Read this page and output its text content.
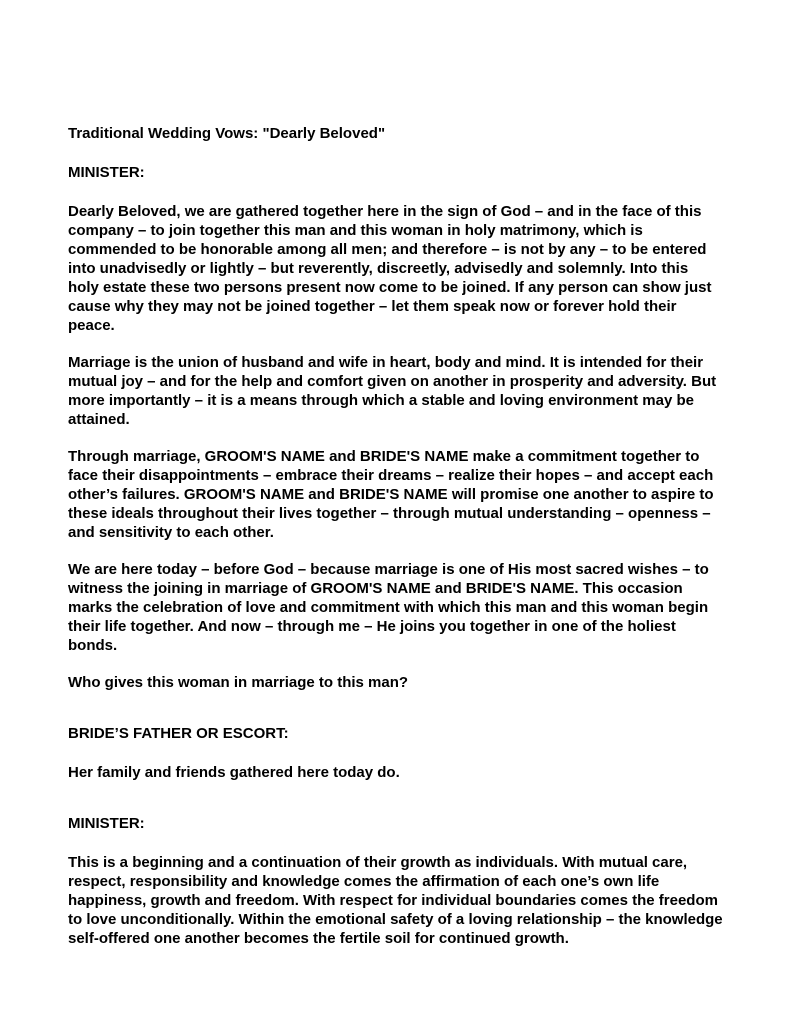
Traditional Wedding Vows: "Dearly Beloved"

MINISTER:

Dearly Beloved, we are gathered together here in the sign of God – and in the face of this company – to join together this man and this woman in holy matrimony, which is commended to be honorable among all men; and therefore – is not by any – to be entered into unadvisedly or lightly – but reverently, discreetly, advisedly and solemnly. Into this holy estate these two persons present now come to be joined. If any person can show just cause why they may not be joined together – let them speak now or forever hold their peace.

Marriage is the union of husband and wife in heart, body and mind. It is intended for their mutual joy – and for the help and comfort given on another in prosperity and adversity. But more importantly – it is a means through which a stable and loving environment may be attained.

Through marriage, GROOM'S NAME and BRIDE'S NAME make a commitment together to face their disappointments – embrace their dreams – realize their hopes – and accept each other’s failures. GROOM'S NAME and BRIDE'S NAME will promise one another to aspire to these ideals throughout their lives together – through mutual understanding – openness – and sensitivity to each other.

We are here today – before God – because marriage is one of His most sacred wishes – to witness the joining in marriage of GROOM'S NAME and BRIDE'S NAME. This occasion marks the celebration of love and commitment with which this man and this woman begin their life together. And now – through me – He joins you together in one of the holiest bonds.

Who gives this woman in marriage to this man?

BRIDE’S FATHER OR ESCORT:

Her family and friends gathered here today do.

MINISTER:

This is a beginning and a continuation of their growth as individuals. With mutual care, respect, responsibility and knowledge comes the affirmation of each one’s own life happiness, growth and freedom. With respect for individual boundaries comes the freedom to love unconditionally. Within the emotional safety of a loving relationship – the knowledge self-offered one another becomes the fertile soil for continued growth.
